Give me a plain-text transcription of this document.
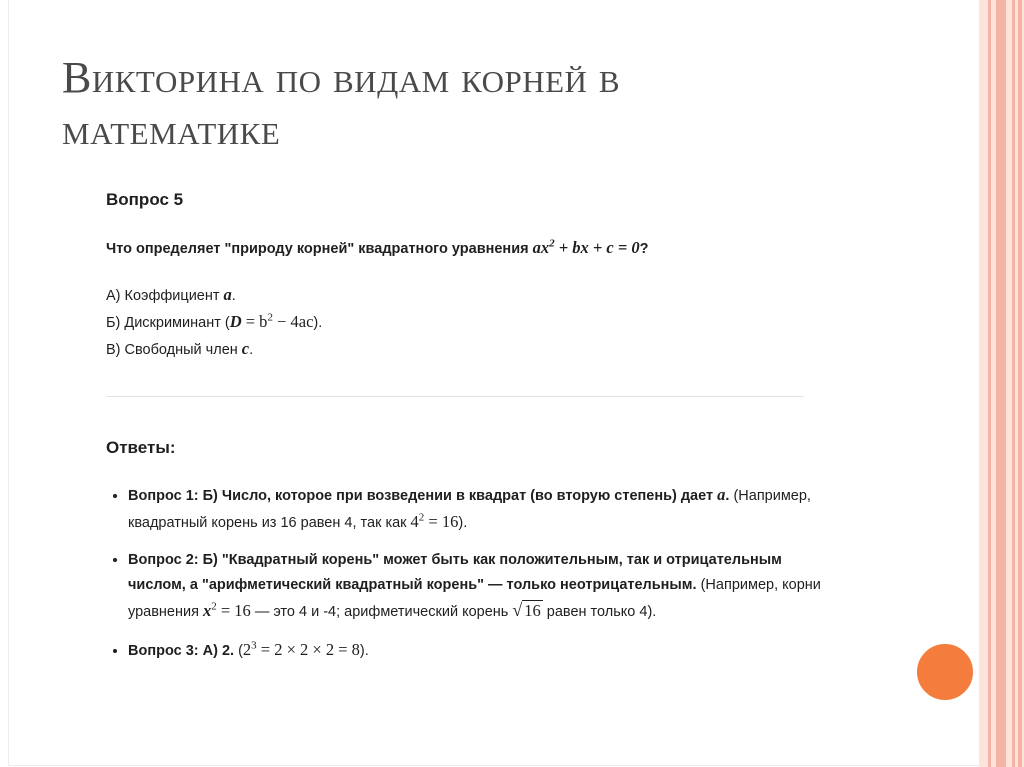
Викторина по видам корней в математике

Вопрос 5

Что определяет "природу корней" квадратного уравнения $ax^2$ + bx + c = 0?

А) Коэффициент a.
Б) Дискриминант $(D = b^2 - 4ac)$.
В) Свободный член c.

Ответы:

• Вопрос 1: Б) Число, которое при возведении в квадрат (во вторую степень) дает a. (Например, квадратный корень из 16 равен 4, так как $4^2 = 16$).
• Вопрос 2: Б) "Квадратный корень" может быть как положительным, так и отрицательным числом, а "арифметический квадратный корень" — только неотрицательным. (Например, корни уравнения $x^2 = 16$ — это 4 и -4; арифметический корень √ 16 равен только 4).
• Вопрос 3: А) 2. $(2^3 = 2 \times 2 \times 2 = 8)$.
